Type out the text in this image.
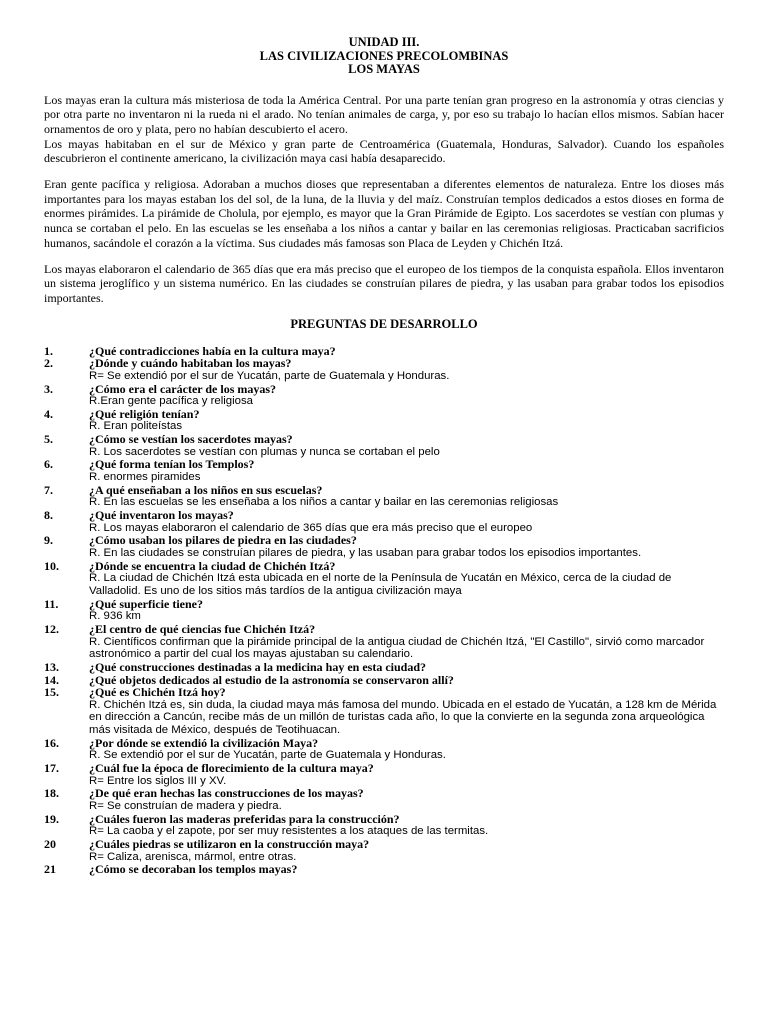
UNIDAD III.
LAS CIVILIZACIONES PRECOLOMBINAS
LOS MAYAS
Los mayas eran la cultura más misteriosa de toda la América Central. Por una parte tenían gran progreso en la astronomía y otras ciencias y por otra parte no inventaron ni la rueda ni el arado. No tenían animales de carga, y, por eso su trabajo lo hacían ellos mismos. Sabían hacer ornamentos de oro y plata, pero no habían descubierto el acero.
Los mayas habitaban en el sur de México y gran parte de Centroamérica (Guatemala, Honduras, Salvador). Cuando los españoles descubrieron el continente americano, la civilización maya casi había desaparecido.
Eran gente pacífica y religiosa. Adoraban a muchos dioses que representaban a diferentes elementos de naturaleza. Entre los dioses más importantes para los mayas estaban los del sol, de la luna, de la lluvia y del maíz. Construían templos dedicados a estos dioses en forma de enormes pirámides. La pirámide de Cholula, por ejemplo, es mayor que la Gran Pirámide de Egipto. Los sacerdotes se vestían con plumas y nunca se cortaban el pelo. En las escuelas se les enseñaba a los niños a cantar y bailar en las ceremonias religiosas. Practicaban sacrificios humanos, sacándole el corazón a la víctima. Sus ciudades más famosas son Placa de Leyden y Chichén Itzá.
Los mayas elaboraron el calendario de 365 días que era más preciso que el europeo de los tiempos de la conquista española. Ellos inventaron un sistema jeroglífico y un sistema numérico. En las ciudades se construían pilares de piedra, y las usaban para grabar todos los episodios importantes.
PREGUNTAS DE DESARROLLO
1.	¿Qué contradicciones había en la cultura maya?
2.	¿Dónde y cuándo habitaban los mayas?
R= Se extendió por el sur de Yucatán, parte de Guatemala y Honduras.
3.	¿Cómo era el carácter de los mayas?
R.Eran gente pacífica y religiosa
4.	¿Qué religión tenían?
R. Eran politeístas
5.	¿Cómo se vestían los sacerdotes mayas?
R. Los sacerdotes se vestían con plumas y nunca se cortaban el pelo
6.	¿Qué forma tenían los Templos?
R. enormes piramides
7.	¿A qué enseñaban a los niños en sus escuelas?
R. En las escuelas se les enseñaba a los niños a cantar y bailar en las ceremonias religiosas
8.	¿Qué inventaron los mayas?
R. Los mayas elaboraron el calendario de 365 días que era más preciso que el europeo
9.	¿Cómo usaban los pilares de piedra en las ciudades?
R. En las ciudades se construían pilares de piedra, y las usaban para grabar todos los episodios importantes.
10.	¿Dónde se encuentra la ciudad de Chichén Itzá?
R. La ciudad de Chichén Itzá esta ubicada en el norte de la Península de Yucatán en México, cerca de la ciudad de Valladolid. Es uno de los sitios más tardíos de la antigua civilización maya
11.	¿Qué superficie tiene?
R. 936 km
12.	¿El centro de qué ciencias fue Chichén Itzá?
R. Científicos confirman que la pirámide principal de la antigua ciudad de Chichén Itzá, "El Castillo", sirvió como marcador astronómico a partir del cual los mayas ajustaban su calendario.
13.	¿Qué construcciones destinadas a la medicina hay en esta ciudad?
14.	¿Qué objetos dedicados al estudio de la astronomía se conservaron allí?
15.	¿Qué es Chichén Itzá hoy?
R. Chichén Itzá es, sin duda, la ciudad maya más famosa del mundo. Ubicada en el estado de Yucatán, a 128 km de Mérida en dirección a Cancún, recibe más de un millón de turistas cada año, lo que la convierte en la segunda zona arqueológica más visitada de México, después de Teotihuacan.
16.	¿Por dónde se extendió la civilización Maya?
R. Se extendió por el sur de Yucatán, parte de Guatemala y Honduras.
17.	¿Cuál fue la época de florecimiento de la cultura maya?
R= Entre los siglos III y XV.
18.	¿De qué eran hechas las construcciones de los mayas?
R= Se construían de madera y piedra.
19.	¿Cuáles fueron las maderas preferidas para la construcción?
R= La caoba y el zapote, por ser muy resistentes a los ataques de las termitas.
20	¿Cuáles piedras se utilizaron en la construcción maya?
R= Caliza, arenisca, mármol, entre otras.
21	¿Cómo se decoraban los templos mayas?
